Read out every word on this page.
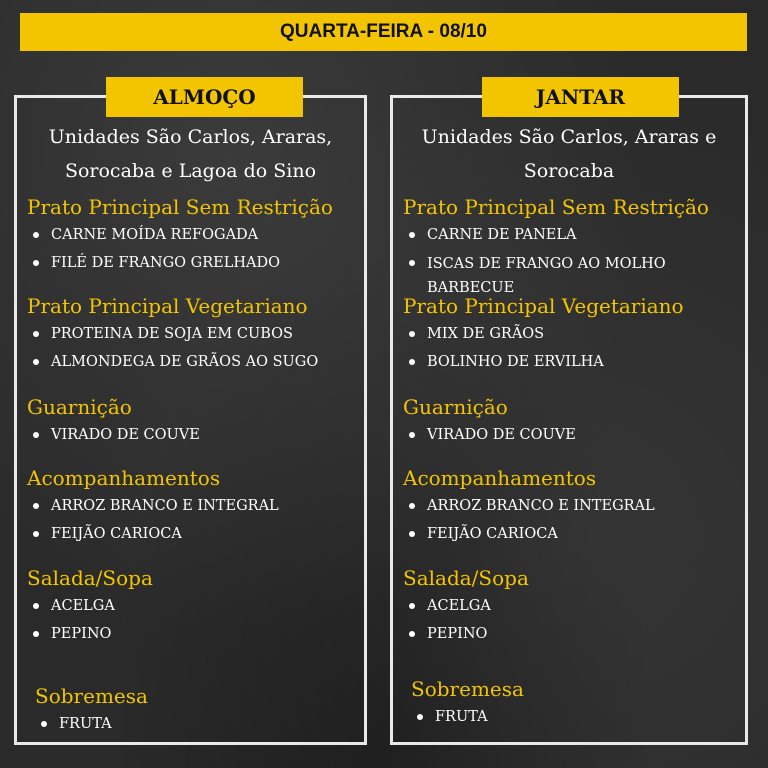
QUARTA-FEIRA - 08/10
ALMOÇO
Unidades São Carlos, Araras,
Sorocaba e Lagoa do Sino
Prato Principal Sem Restrição
CARNE MOÍDA REFOGADA
FILÉ DE FRANGO GRELHADO
Prato Principal Vegetariano
PROTEINA DE SOJA EM CUBOS
ALMONDEGA DE GRÃOS AO SUGO
Guarnição
VIRADO DE COUVE
Acompanhamentos
ARROZ BRANCO E INTEGRAL
FEIJÃO CARIOCA
Salada/Sopa
ACELGA
PEPINO
Sobremesa
FRUTA
JANTAR
Unidades São Carlos, Araras e
Sorocaba
Prato Principal Sem Restrição
CARNE DE PANELA
ISCAS DE FRANGO AO MOLHO BARBECUE
Prato Principal Vegetariano
MIX DE GRÃOS
BOLINHO DE ERVILHA
Guarnição
VIRADO DE COUVE
Acompanhamentos
ARROZ BRANCO E INTEGRAL
FEIJÃO CARIOCA
Salada/Sopa
ACELGA
PEPINO
Sobremesa
FRUTA
